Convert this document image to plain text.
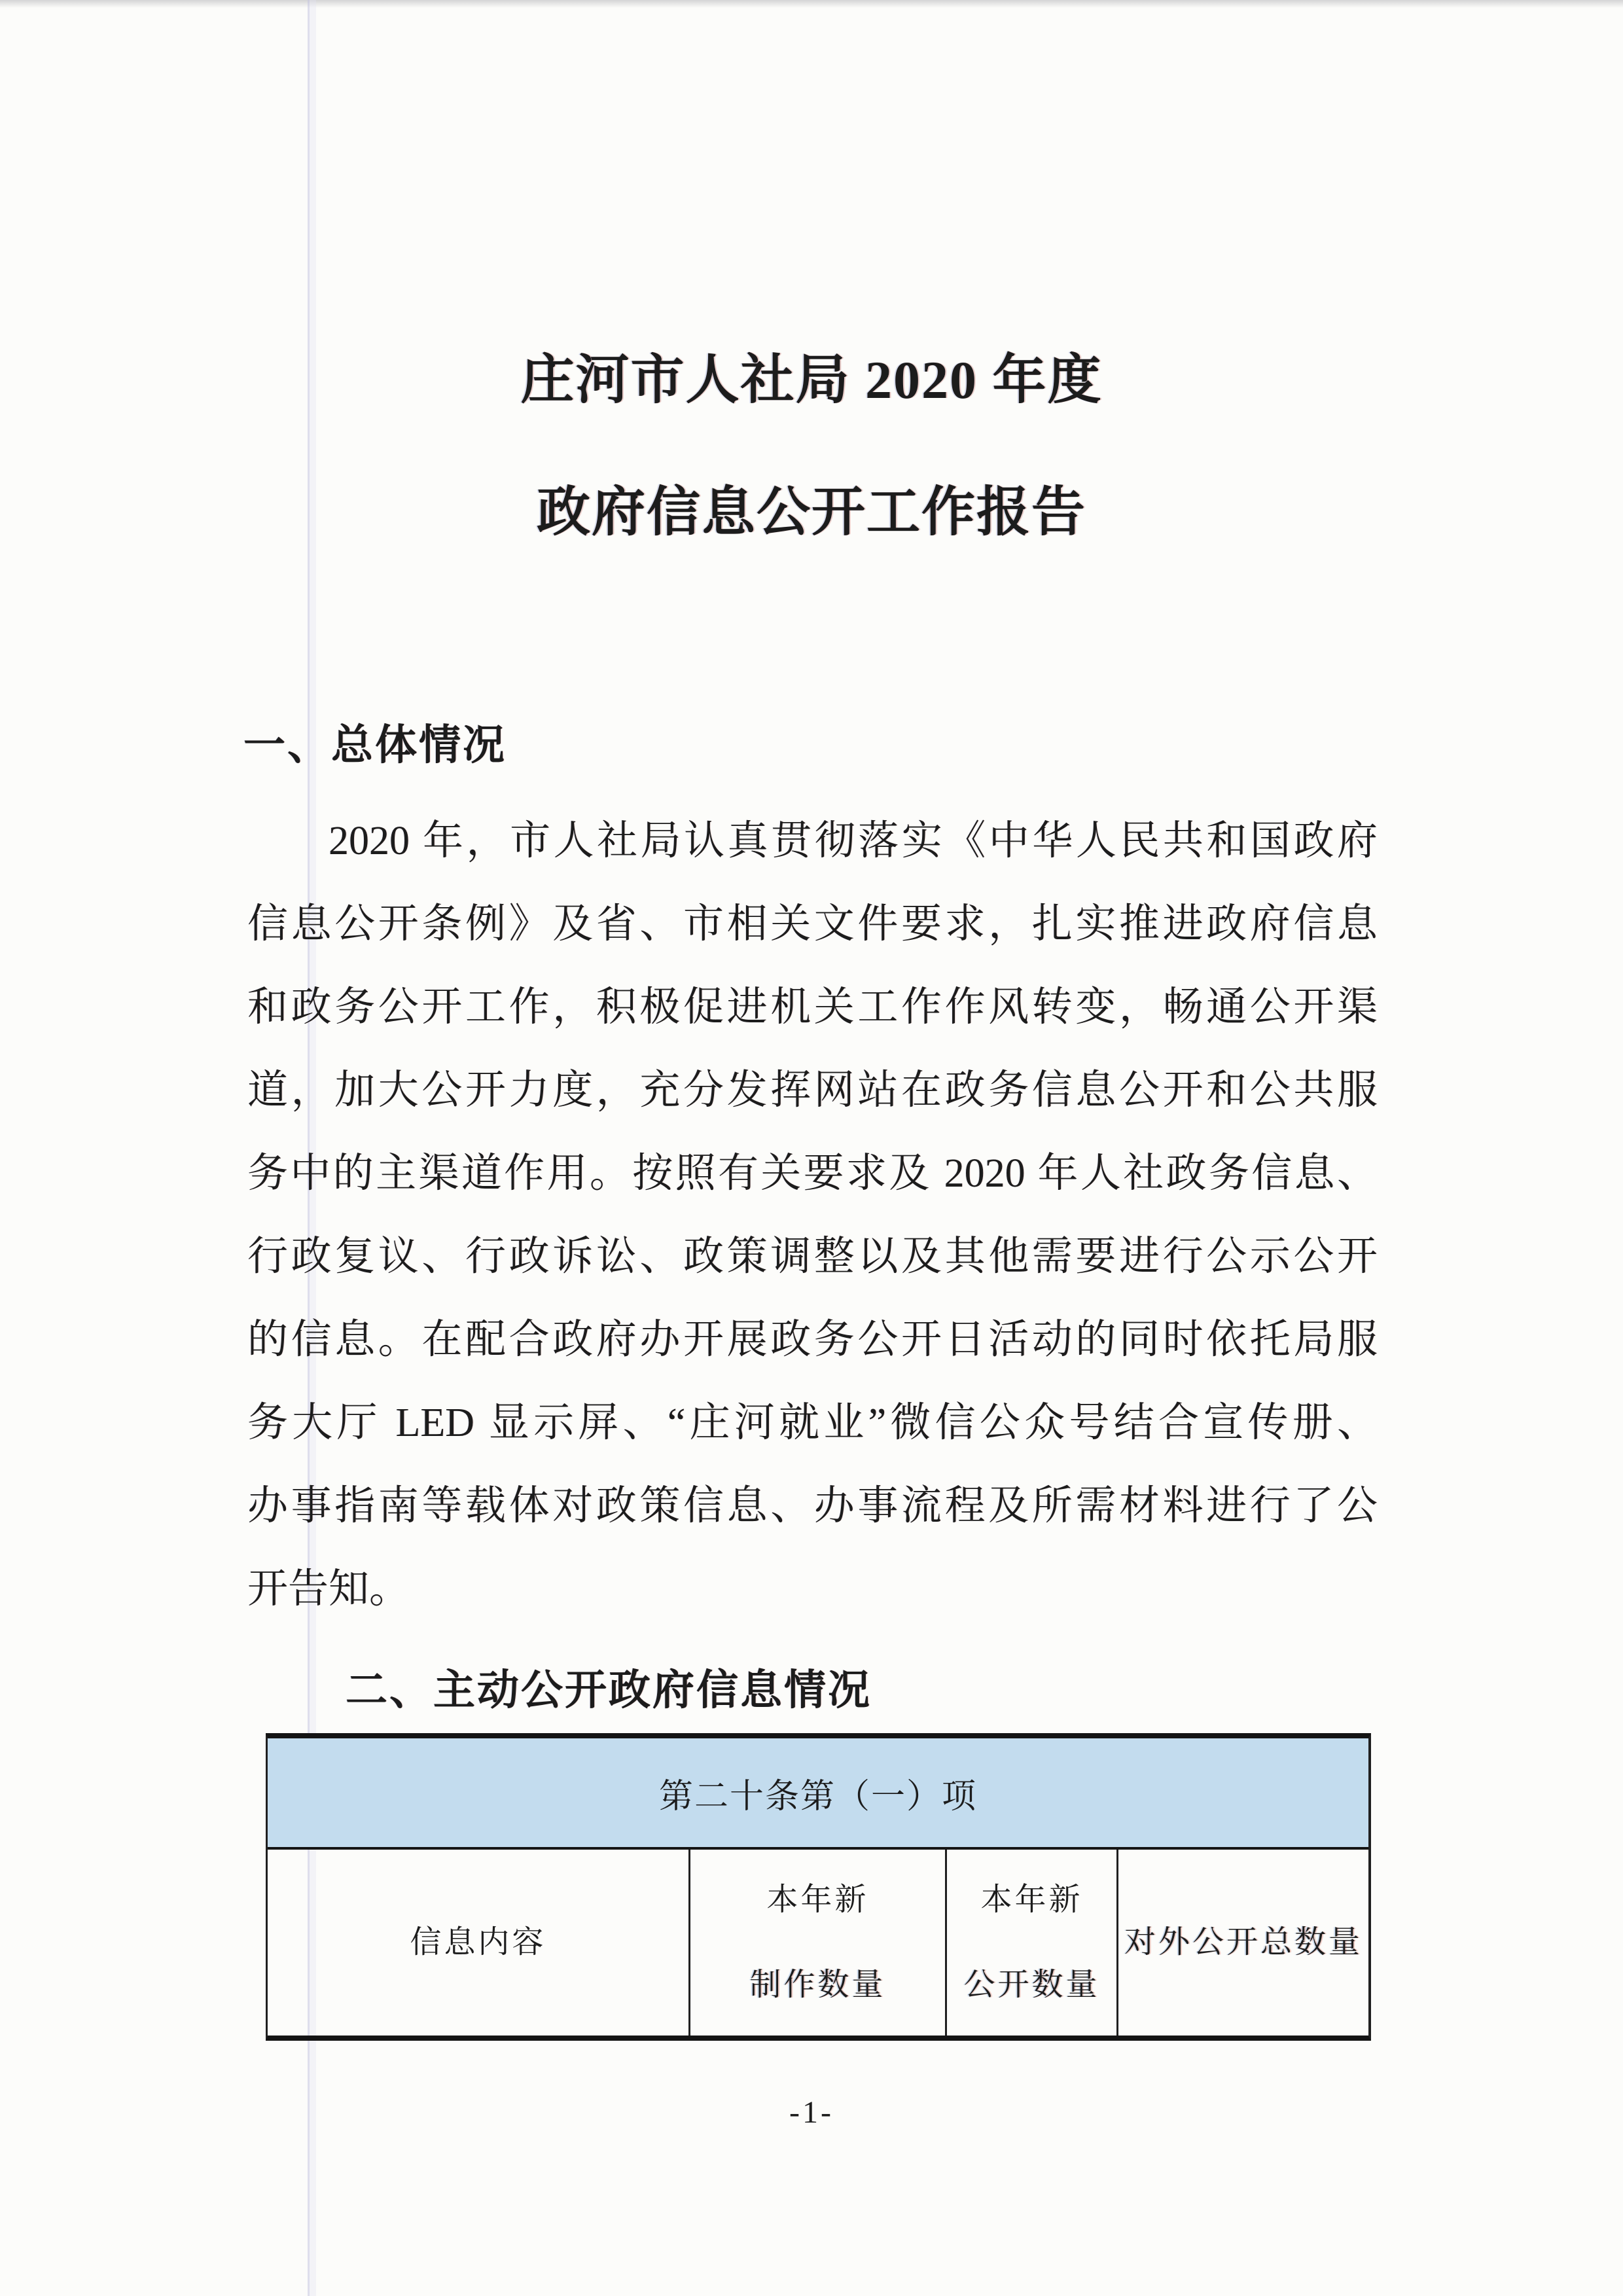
庄河市人社局 2020 年度
政府信息公开工作报告
一、总体情况
2020 年，市人社局认真贯彻落实《中华人民共和国政府
信息公开条例》及省、市相关文件要求，扎实推进政府信息
和政务公开工作，积极促进机关工作作风转变，畅通公开渠
道，加大公开力度，充分发挥网站在政务信息公开和公共服
务中的主渠道作用。按照有关要求及 2020 年人社政务信息、
行政复议、行政诉讼、政策调整以及其他需要进行公示公开
的信息。在配合政府办开展政务公开日活动的同时依托局服
务大厅 LED 显示屏、“庄河就业”微信公众号结合宣传册、
办事指南等载体对政策信息、办事流程及所需材料进行了公
开告知。
二、主动公开政府信息情况
第二十条第（一）项
信息内容
本年新
制作数量
本年新
公开数量
对外公开总数量
-1-
